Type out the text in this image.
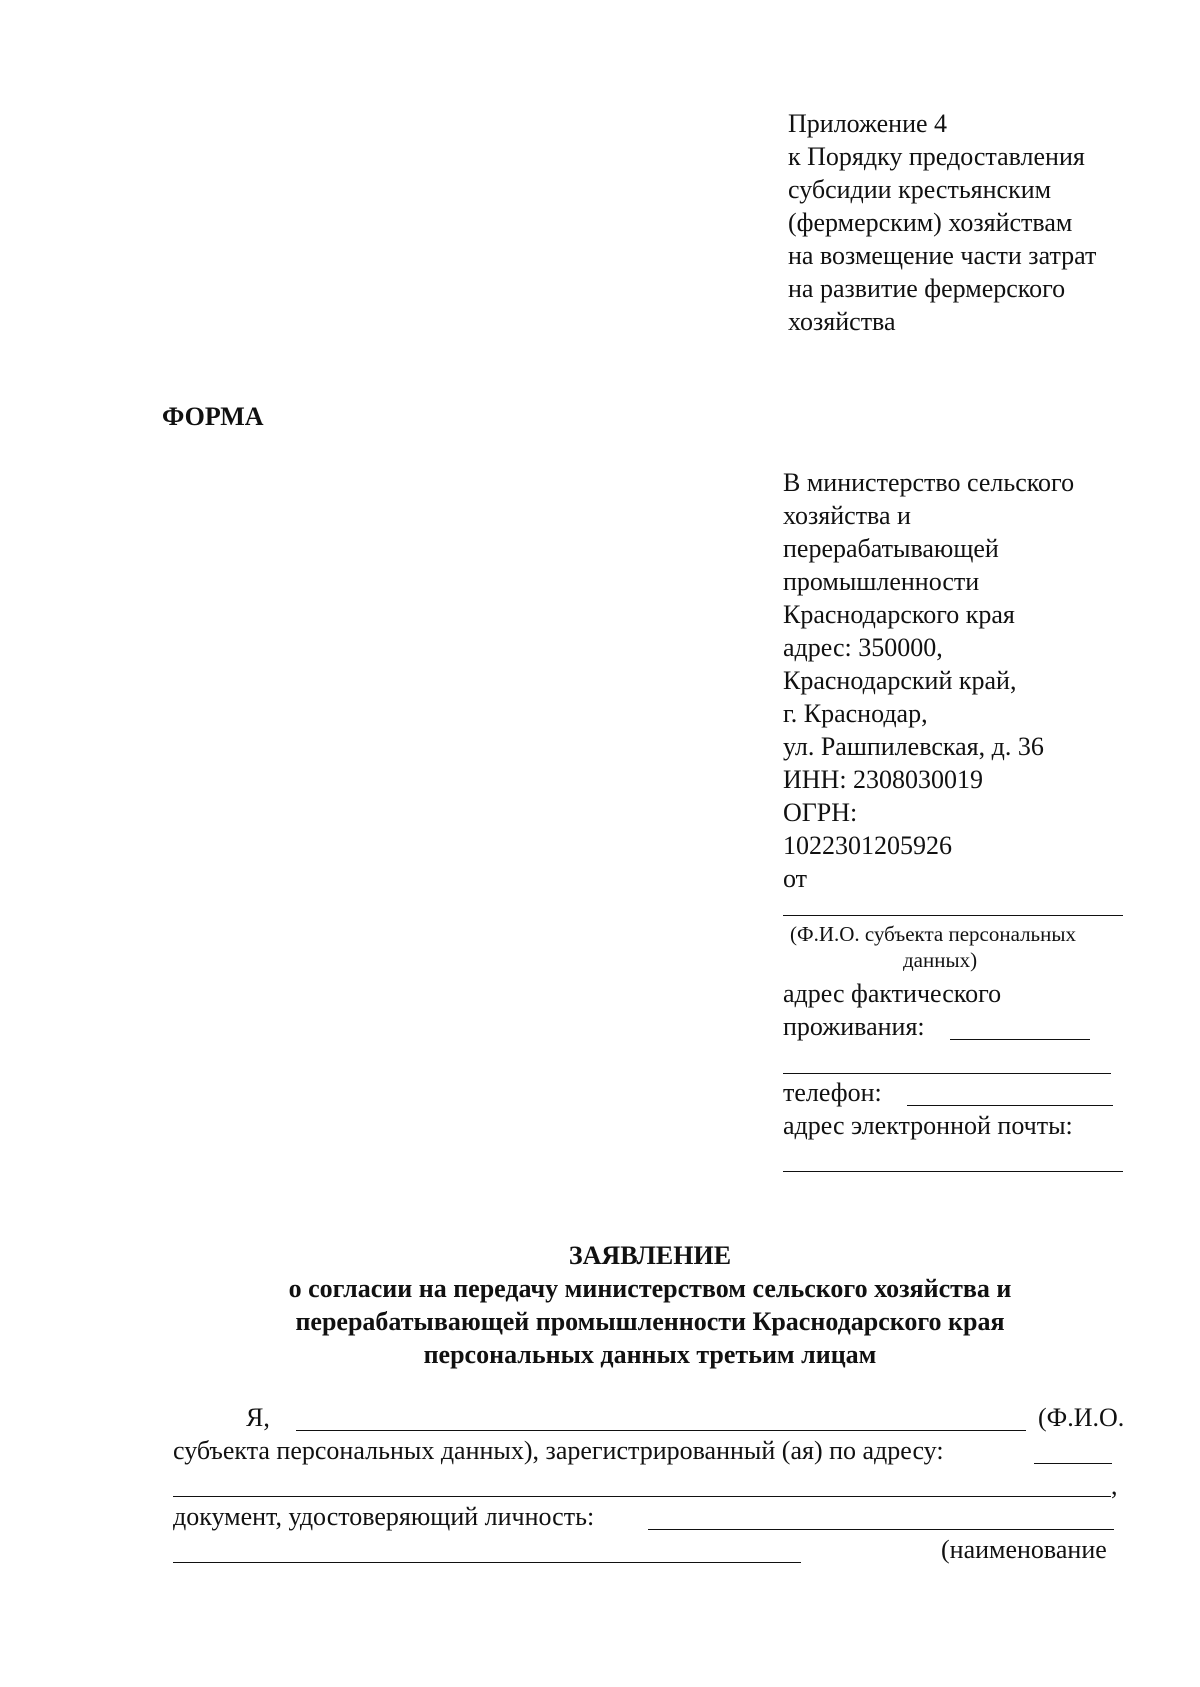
Приложение 4
к Порядку предоставления
субсидии крестьянским
(фермерским) хозяйствам
на возмещение части затрат
на развитие фермерского
хозяйства
ФОРМА
В министерство сельского
хозяйства и
перерабатывающей
промышленности
Краснодарского края
адрес: 350000,
Краснодарский край,
г. Краснодар,
ул. Рашпилевская, д. 36
ИНН: 2308030019
ОГРН:
1022301205926
от
(Ф.И.О. субъекта персональных
данных)
адрес фактического
проживания:
телефон:
адрес электронной почты:
ЗАЯВЛЕНИЕ
о согласии на передачу министерством сельского хозяйства и
перерабатывающей промышленности Краснодарского края
персональных данных третьим лицам
Я,	(Ф.И.О.
субъекта персональных данных), зарегистрированный (ая) по адресу:
,
документ, удостоверяющий личность:
(наименование
